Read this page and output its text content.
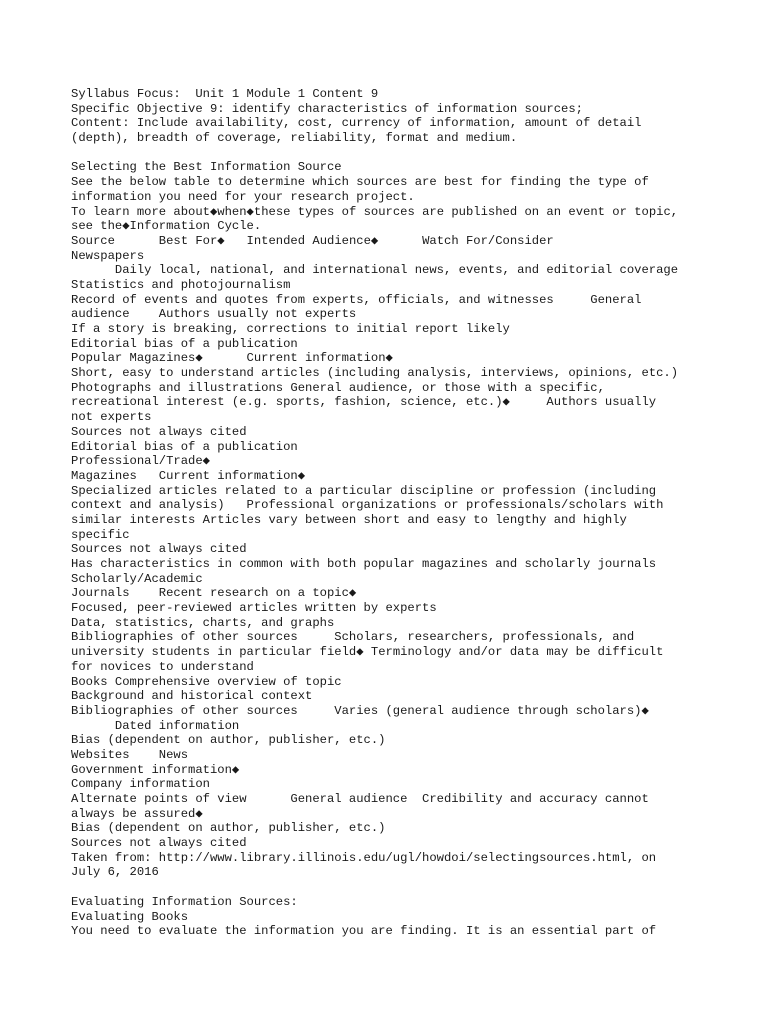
Syllabus Focus:  Unit 1 Module 1 Content 9
Specific Objective 9: identify characteristics of information sources;
Content: Include availability, cost, currency of information, amount of detail
(depth), breadth of coverage, reliability, format and medium.
Selecting the Best Information Source
See the below table to determine which sources are best for finding the type of
information you need for your research project.
To learn more about◆when◆these types of sources are published on an event or topic,
see the◆Information Cycle.
Source      Best For◆   Intended Audience◆      Watch For/Consider
Newspapers
Daily local, national, and international news, events, and editorial coverage
Statistics and photojournalism
Record of events and quotes from experts, officials, and witnesses     General
audience    Authors usually not experts
If a story is breaking, corrections to initial report likely
Editorial bias of a publication
Popular Magazines◆      Current information◆
Short, easy to understand articles (including analysis, interviews, opinions, etc.)
Photographs and illustrations General audience, or those with a specific,
recreational interest (e.g. sports, fashion, science, etc.)◆     Authors usually
not experts
Sources not always cited
Editorial bias of a publication
Professional/Trade◆
Magazines   Current information◆
Specialized articles related to a particular discipline or profession (including
context and analysis)   Professional organizations or professionals/scholars with
similar interests Articles vary between short and easy to lengthy and highly
specific
Sources not always cited
Has characteristics in common with both popular magazines and scholarly journals
Scholarly/Academic
Journals    Recent research on a topic◆
Focused, peer-reviewed articles written by experts
Data, statistics, charts, and graphs
Bibliographies of other sources     Scholars, researchers, professionals, and
university students in particular field◆ Terminology and/or data may be difficult
for novices to understand
Books Comprehensive overview of topic
Background and historical context
Bibliographies of other sources     Varies (general audience through scholars)◆
Dated information
Bias (dependent on author, publisher, etc.)
Websites    News
Government information◆
Company information
Alternate points of view      General audience  Credibility and accuracy cannot
always be assured◆
Bias (dependent on author, publisher, etc.)
Sources not always cited
Taken from: http://www.library.illinois.edu/ugl/howdoi/selectingsources.html, on
July 6, 2016
Evaluating Information Sources:
Evaluating Books
You need to evaluate the information you are finding. It is an essential part of
